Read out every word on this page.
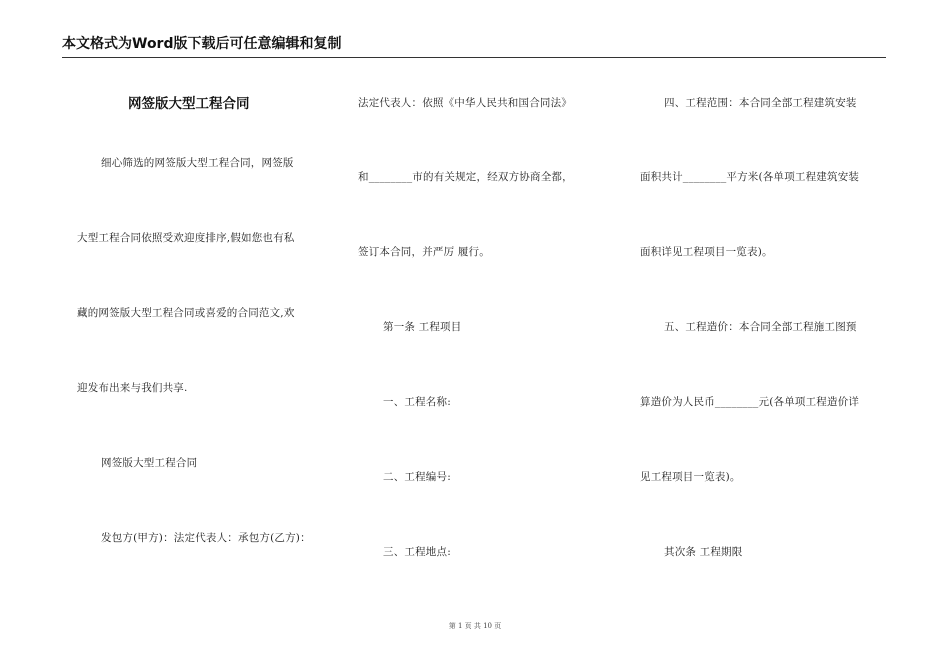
本文格式为Word版下载后可任意编辑和复制
网签版大型工程合同
细心筛选的网签版大型工程合同，网签版
大型工程合同依照受欢迎度排序,假如您也有私
藏的网签版大型工程合同或喜爱的合同范文,欢
迎发布出来与我们共享.
网签版大型工程合同
发包方(甲方)：法定代表人：承包方(乙方)：
法定代表人：依照《中华人民共和国合同法》
和________市的有关规定，经双方协商全都，
签订本合同，并严厉 履行。
第一条 工程项目
一、工程名称:
二、工程编号:
三、工程地点:
四、工程范围：本合同全部工程建筑安装
面积共计________平方米(各单项工程建筑安装
面积详见工程项目一览表)。
五、工程造价：本合同全部工程施工图预
算造价为人民币________元(各单项工程造价详
见工程项目一览表)。
其次条 工程期限
第 1 页 共 10 页
